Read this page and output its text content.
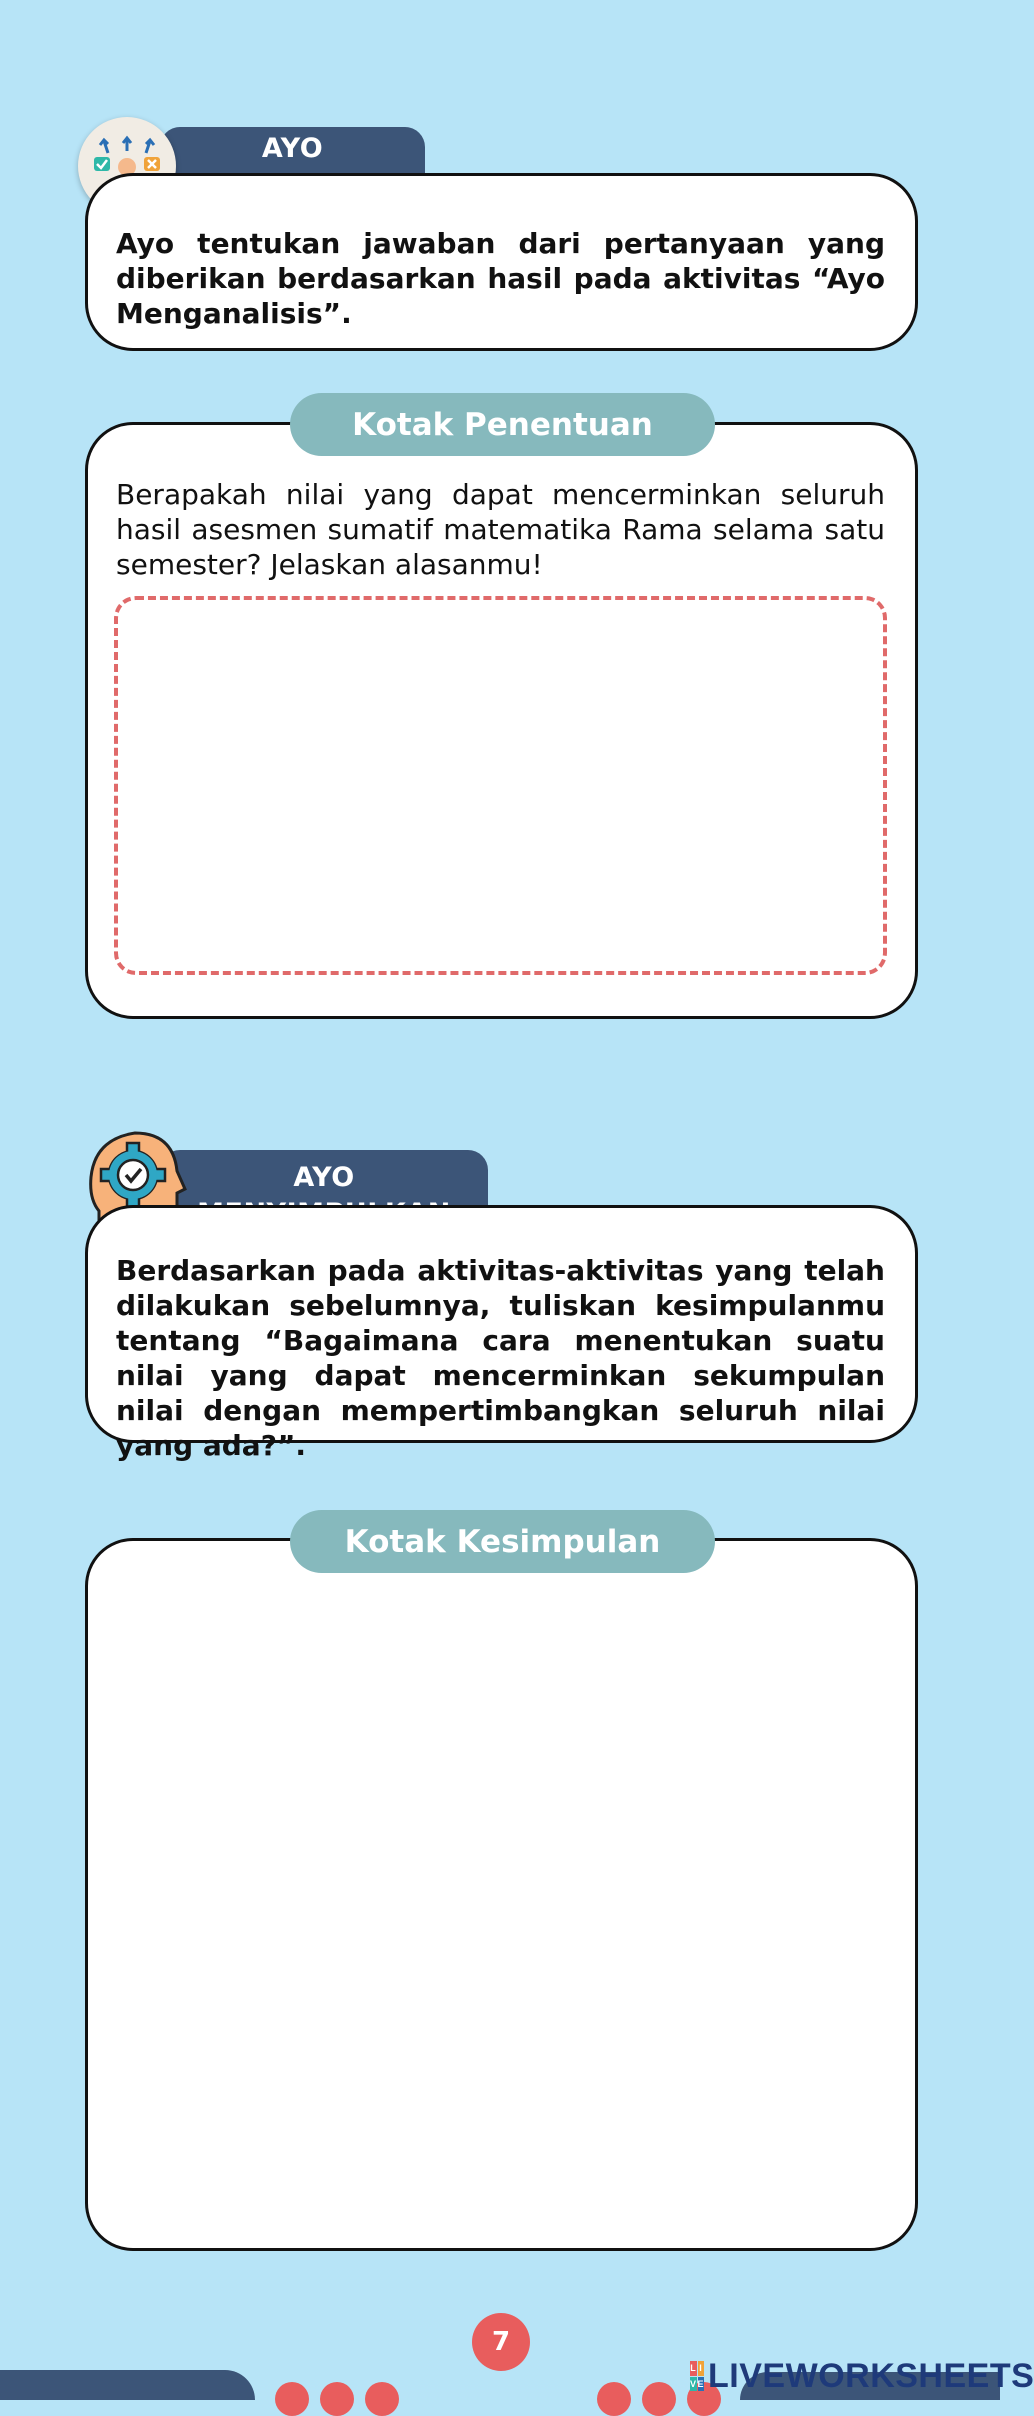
AYO
Ayo tentukan jawaban dari pertanyaan yang diberikan berdasarkan hasil pada aktivitas “Ayo Menganalisis”.
Berapakah nilai yang dapat mencerminkan seluruh hasil asesmen sumatif matematika Rama selama satu semester? Jelaskan alasanmu!
Kotak Penentuan
AYO
Berdasarkan pada aktivitas-aktivitas yang telah dilakukan sebelumnya, tuliskan kesimpulanmu tentang “Bagaimana cara menentukan suatu nilai yang dapat mencerminkan sekumpulan nilai dengan mempertimbangkan seluruh nilai yang ada?”.
Kotak Kesimpulan
7
L I
V E LIVEWORKSHEETS
